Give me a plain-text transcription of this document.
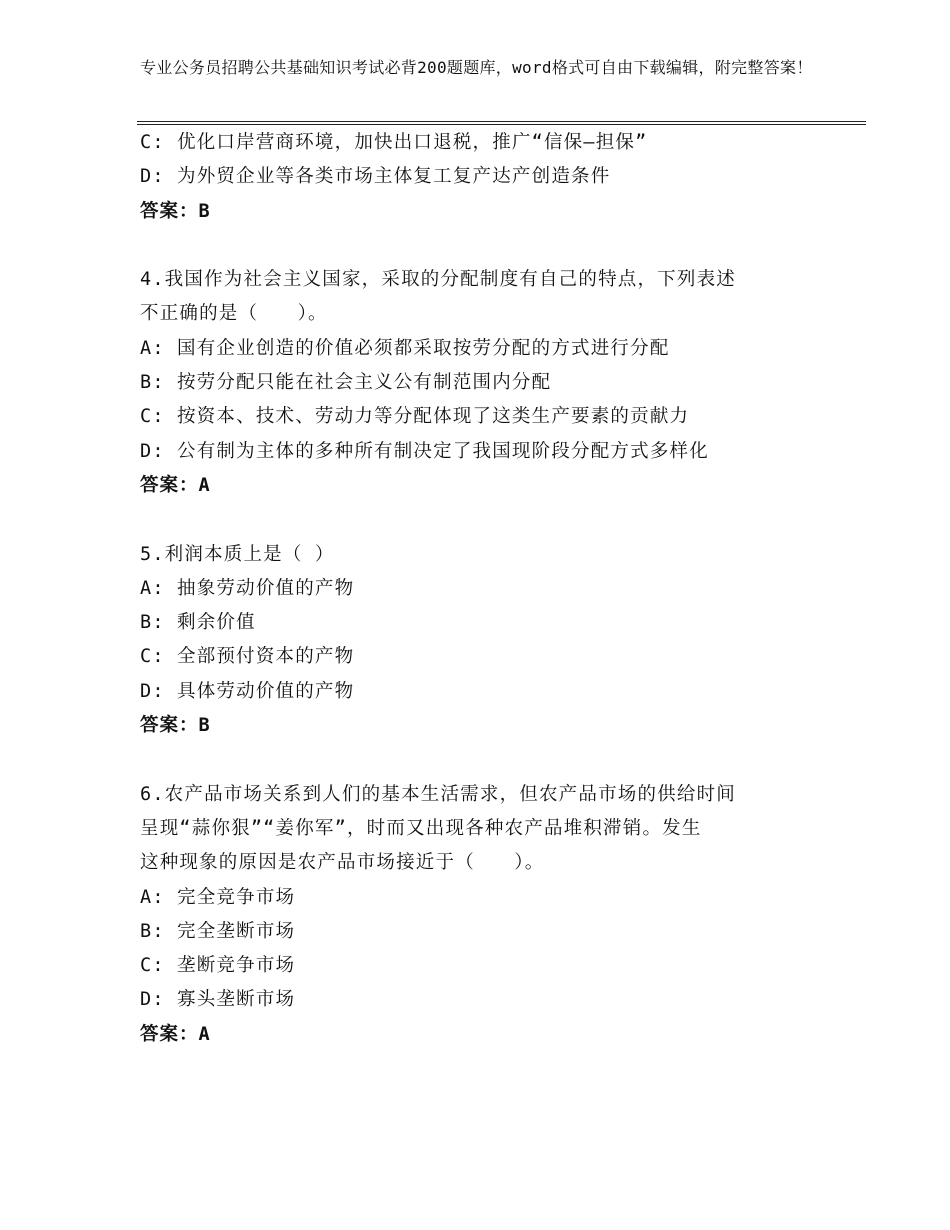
专业公务员招聘公共基础知识考试必背200题题库，word格式可自由下载编辑，附完整答案！
C: 优化口岸营商环境，加快出口退税，推广“信保—担保”
D: 为外贸企业等各类市场主体复工复产达产创造条件
答案：B
4.我国作为社会主义国家，采取的分配制度有自己的特点，下列表述
不正确的是（　　）。
A: 国有企业创造的价值必须都采取按劳分配的方式进行分配
B: 按劳分配只能在社会主义公有制范围内分配
C: 按资本、技术、劳动力等分配体现了这类生产要素的贡献力
D: 公有制为主体的多种所有制决定了我国现阶段分配方式多样化
答案：A
5.利润本质上是（ ）
A: 抽象劳动价值的产物
B: 剩余价值
C: 全部预付资本的产物
D: 具体劳动价值的产物
答案：B
6.农产品市场关系到人们的基本生活需求，但农产品市场的供给时间
呈现“蒜你狠”“姜你军”，时而又出现各种农产品堆积滞销。发生
这种现象的原因是农产品市场接近于（　　）。
A: 完全竞争市场
B: 完全垄断市场
C: 垄断竞争市场
D: 寡头垄断市场
答案：A
